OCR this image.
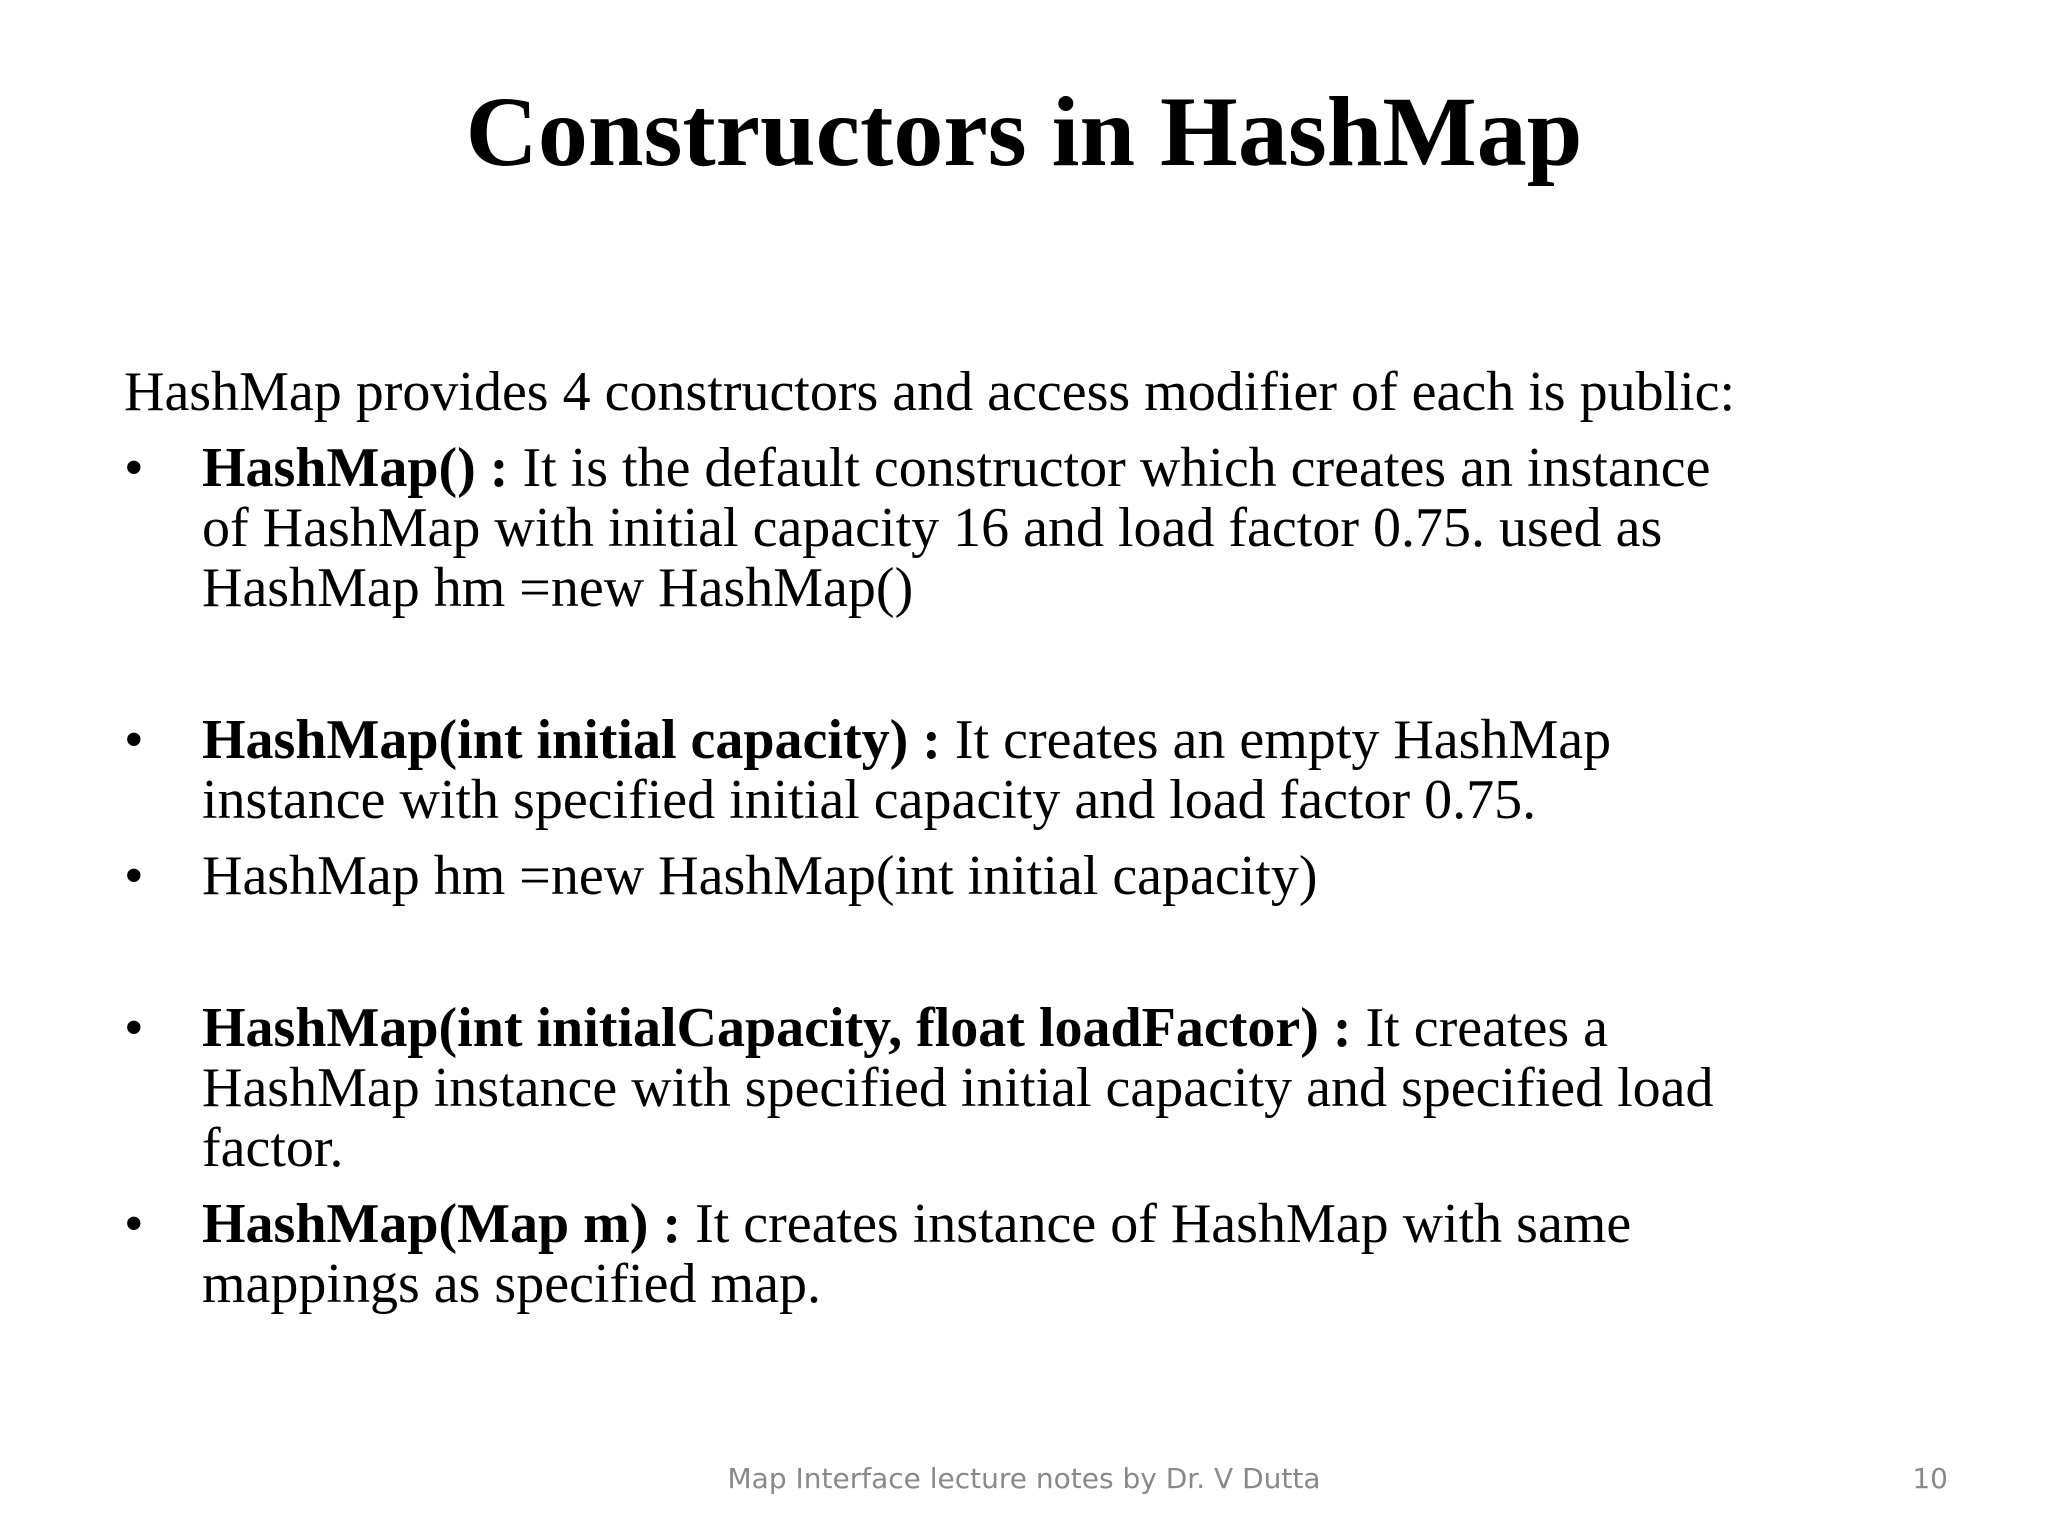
Constructors in HashMap

HashMap provides 4 constructors and access modifier of each is public:

•	HashMap() : It is the default constructor which creates an instance
of HashMap with initial capacity 16 and load factor 0.75. used as
HashMap hm =new HashMap()
•	HashMap(int initial capacity) : It creates an empty HashMap
instance with specified initial capacity and load factor 0.75.
•	HashMap hm =new HashMap(int initial capacity)
•	HashMap(int initialCapacity, float loadFactor) : It creates a
HashMap instance with specified initial capacity and specified load
factor.
•	HashMap(Map m) : It creates instance of HashMap with same
mappings as specified map.
Map Interface lecture notes by Dr. V Dutta	10
